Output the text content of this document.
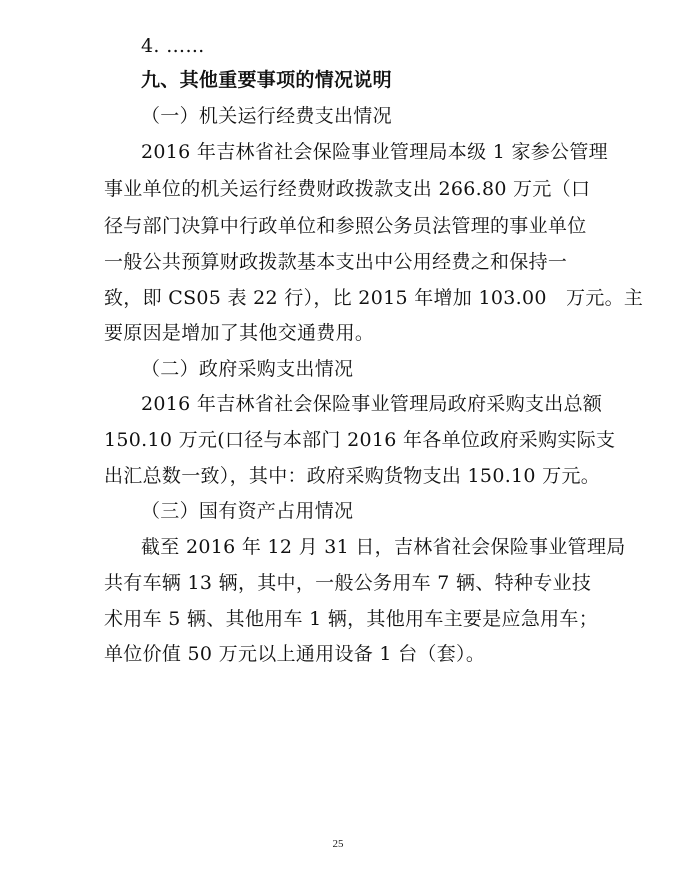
4. ……
九、其他重要事项的情况说明
（一）机关运行经费支出情况
2016 年吉林省社会保险事业管理局本级 1 家参公管理
事业单位的机关运行经费财政拨款支出 266.80 万元（口
径与部门决算中行政单位和参照公务员法管理的事业单位
一般公共预算财政拨款基本支出中公用经费之和保持一
致，即 CS05 表 22 行），比 2015 年增加 103.00　万元。主
要原因是增加了其他交通费用。
（二）政府采购支出情况
2016 年吉林省社会保险事业管理局政府采购支出总额
150.10 万元(口径与本部门 2016 年各单位政府采购实际支
出汇总数一致），其中：政府采购货物支出 150.10 万元。
（三）国有资产占用情况
截至 2016 年 12 月 31 日，吉林省社会保险事业管理局
共有车辆 13 辆，其中，一般公务用车 7 辆、特种专业技
术用车 5 辆、其他用车 1 辆，其他用车主要是应急用车；
单位价值 50 万元以上通用设备 1 台（套）。
25
